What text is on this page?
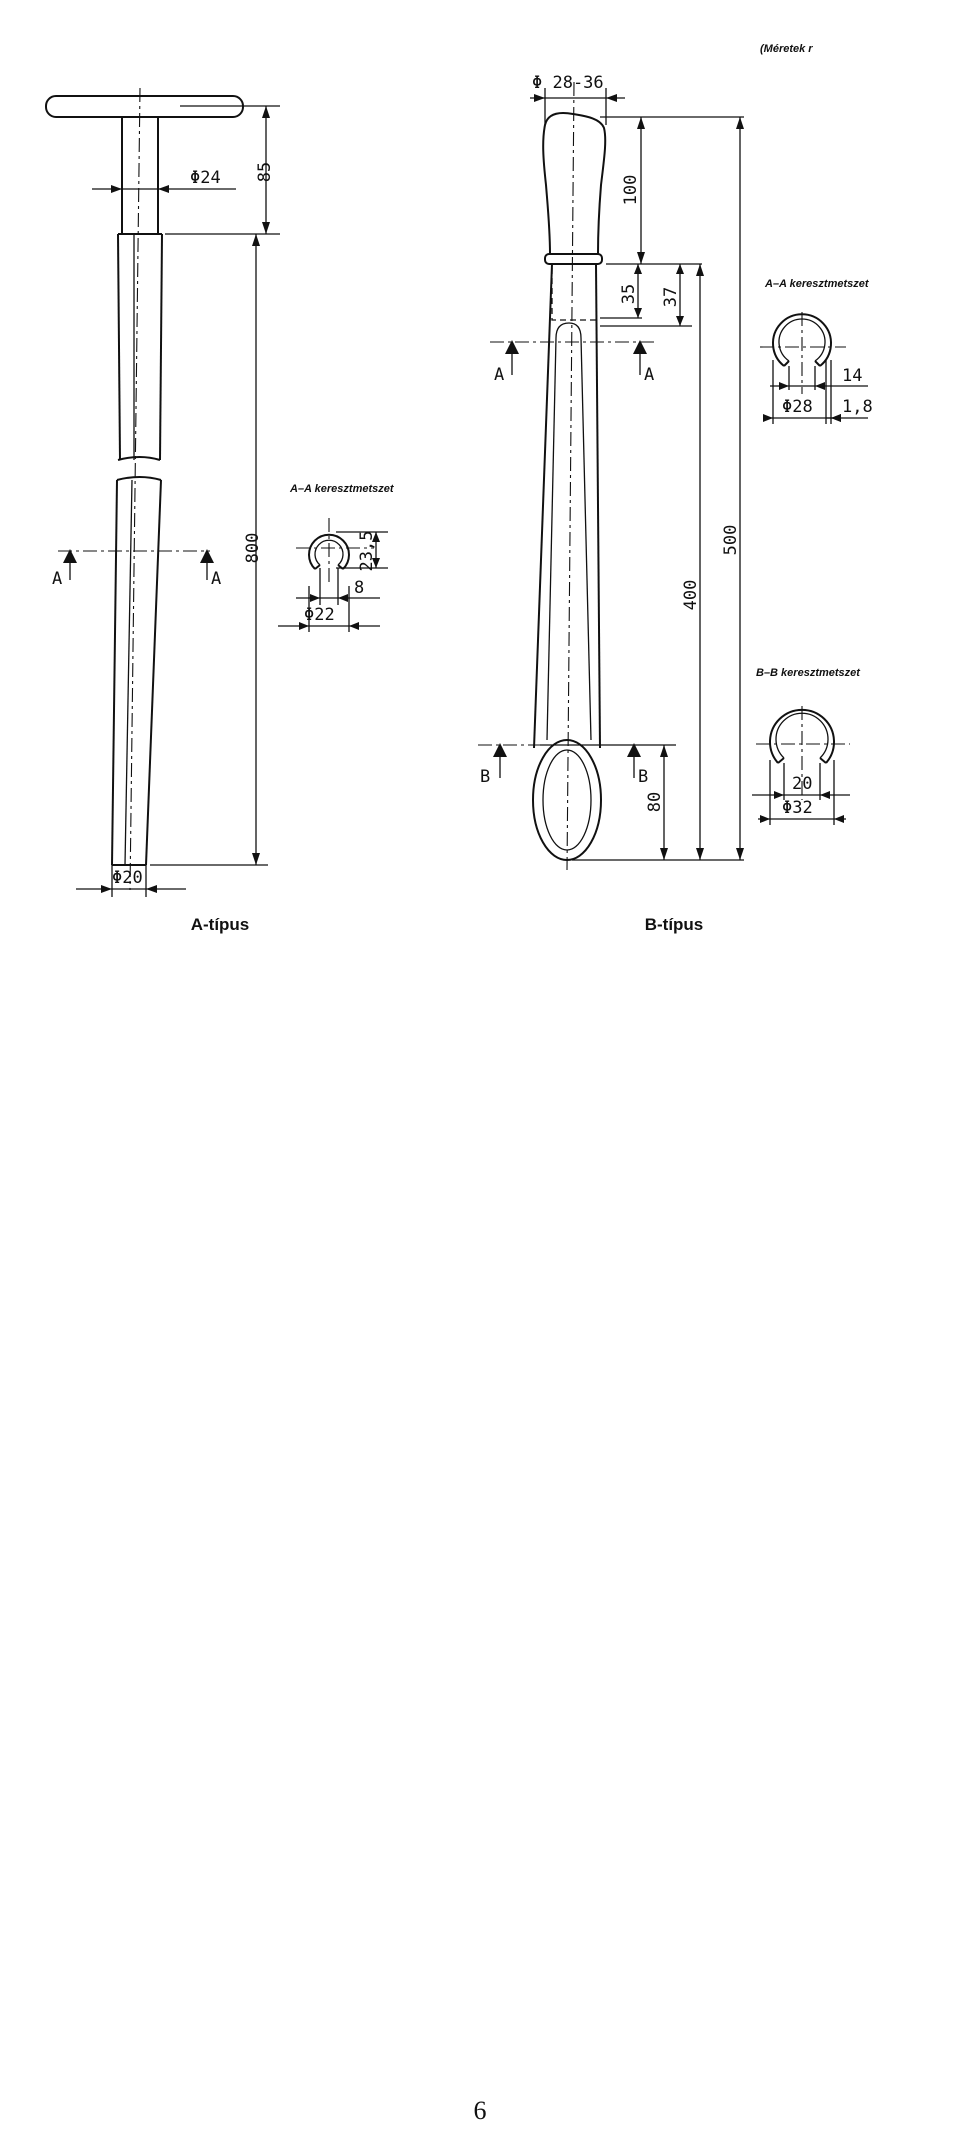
Φ24 85
800
Φ20
A	A
A–A keresztmetszet
23,5
8
Φ22
Φ 28-36
100
35 37
500
400
80
A	A
B	B
A–A keresztmetszet
14
Φ28 1,8
B–B keresztmetszet
20
Φ32
(Méretek r
A-típus	B-típus
6
